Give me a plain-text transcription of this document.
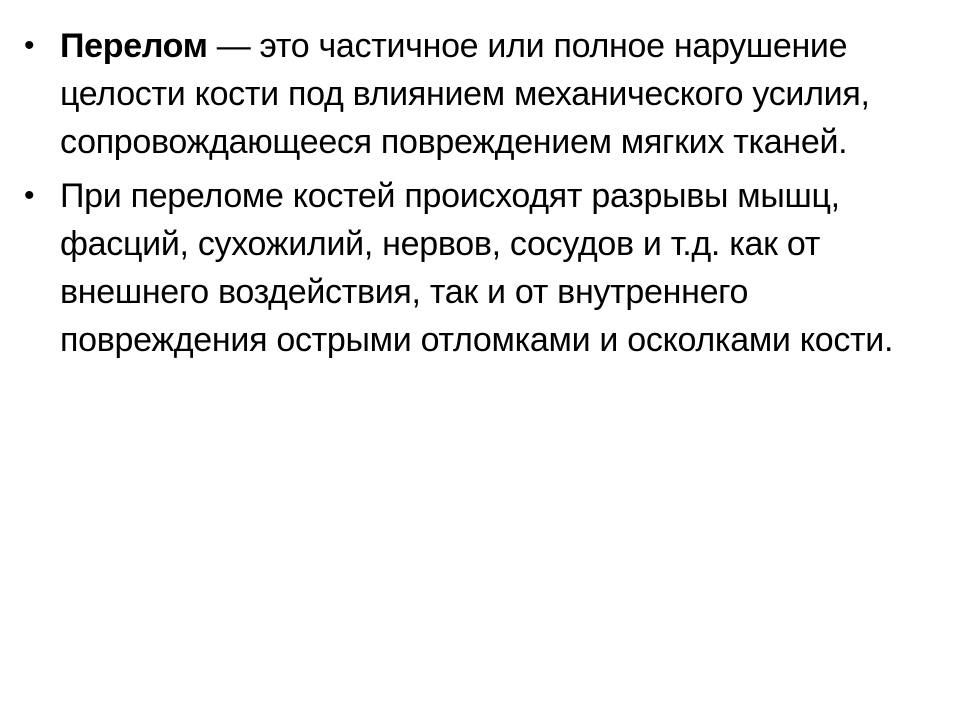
• Перелом — это частичное или полное нарушение целости кости под влиянием механического усилия, сопровождающееся повреждением мягких тканей.
• При переломе костей происходят разрывы мышц, фасций, сухожилий, нервов, сосудов и т.д. как от внешнего воздействия, так и от внутреннего повреждения острыми отломками и осколками кости.
